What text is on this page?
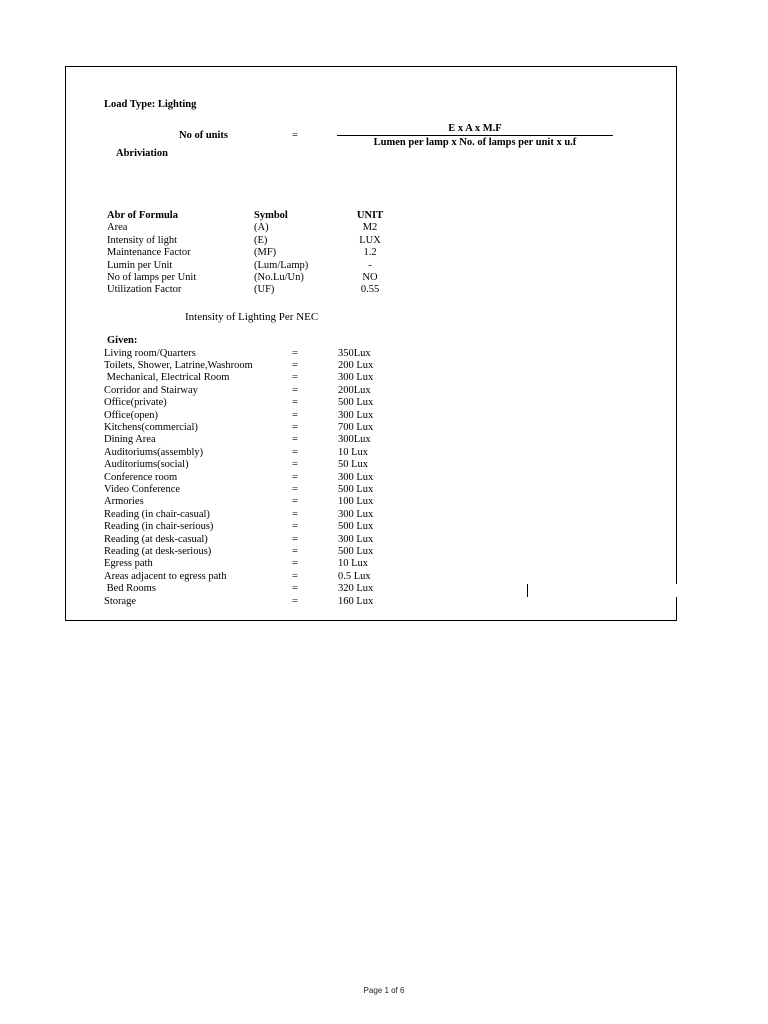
Load Type: Lighting
No of units	=
E x A x M.F
Lumen per lamp x No. of lamps per unit x u.f
Abriviation
Abr of Formula	Symbol	UNIT
Area	(A)	M2
Intensity of light	(E)	LUX
Maintenance Factor	(MF)	1.2
Lumin per Unit	(Lum/Lamp)	-
No of lamps per Unit	(No.Lu/Un)	NO
Utilization Factor	(UF)	0.55
Intensity of Lighting Per NEC
Given:
Living room/Quarters	=	350Lux
Toilets, Shower, Latrine,Washroom	=	200 Lux
Mechanical, Electrical Room	=	300 Lux
Corridor and Stairway	=	200Lux
Office(private)	=	500 Lux
Office(open)	=	300 Lux
Kitchens(commercial)	=	700 Lux
Dining Area	=	300Lux
Auditoriums(assembly)	=	10 Lux
Auditoriums(social)	=	50 Lux
Conference room	=	300 Lux
Video Conference	=	500 Lux
Armories	=	100 Lux
Reading (in chair-casual)	=	300 Lux
Reading (in chair-serious)	=	500 Lux
Reading (at desk-casual)	=	300 Lux
Reading (at desk-serious)	=	500 Lux
Egress path	=	10 Lux
Areas adjacent to egress path	=	0.5 Lux
Bed Rooms	=	320 Lux
Storage	=	160 Lux
Page 1 of 6
